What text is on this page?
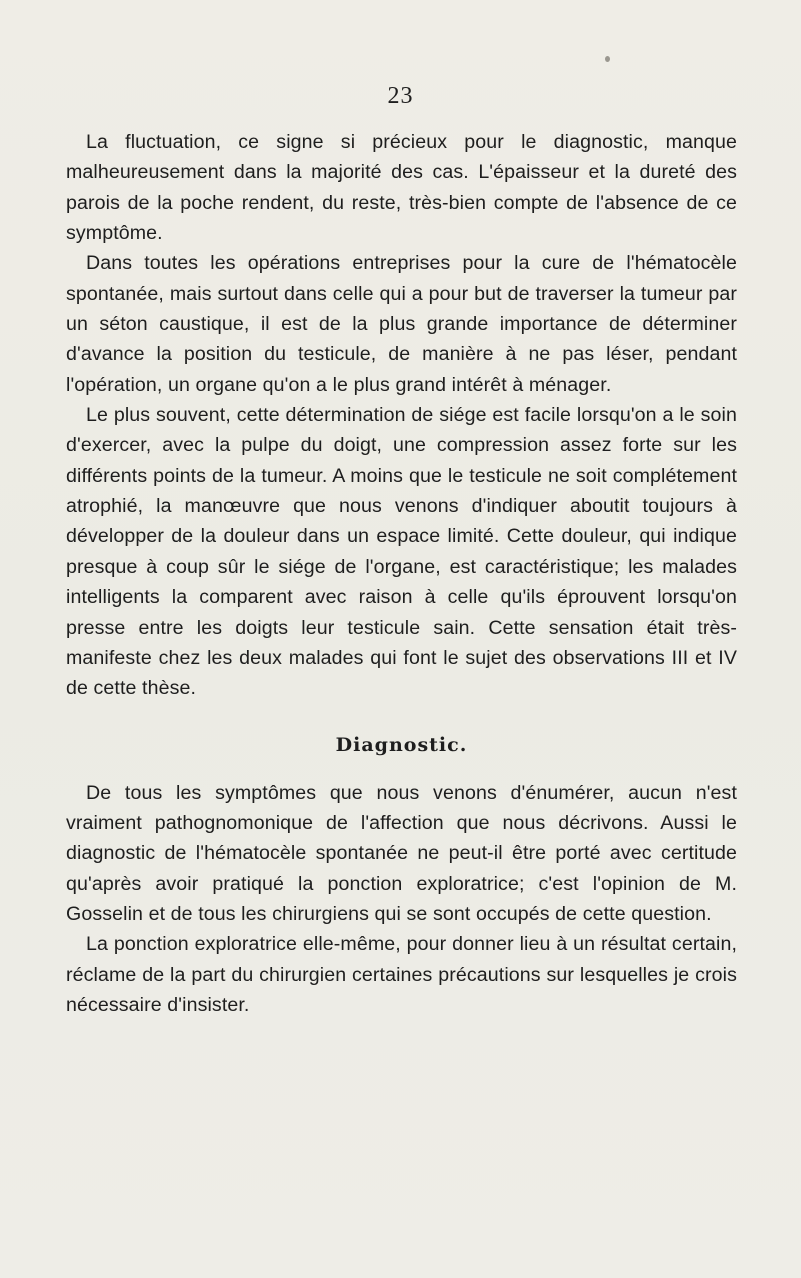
23

La fluctuation, ce signe si précieux pour le diagnostic, manque malheureusement dans la majorité des cas. L'épaisseur et la dureté des parois de la poche rendent, du reste, très-bien compte de l'absence de ce symptôme.

Dans toutes les opérations entreprises pour la cure de l'hématocèle spontanée, mais surtout dans celle qui a pour but de traverser la tumeur par un séton caustique, il est de la plus grande importance de déterminer d'avance la position du testicule, de manière à ne pas léser, pendant l'opération, un organe qu'on a le plus grand intérêt à ménager.

Le plus souvent, cette détermination de siége est facile lorsqu'on a le soin d'exercer, avec la pulpe du doigt, une compression assez forte sur les différents points de la tumeur. A moins que le testicule ne soit complétement atrophié, la manœuvre que nous venons d'indiquer aboutit toujours à développer de la douleur dans un espace limité. Cette douleur, qui indique presque à coup sûr le siége de l'organe, est caractéristique; les malades intelligents la comparent avec raison à celle qu'ils éprouvent lorsqu'on presse entre les doigts leur testicule sain. Cette sensation était très-manifeste chez les deux malades qui font le sujet des observations III et IV de cette thèse.

Diagnostic.

De tous les symptômes que nous venons d'énumérer, aucun n'est vraiment pathognomonique de l'affection que nous décrivons. Aussi le diagnostic de l'hématocèle spontanée ne peut-il être porté avec certitude qu'après avoir pratiqué la ponction exploratrice; c'est l'opinion de M. Gosselin et de tous les chirurgiens qui se sont occupés de cette question.

La ponction exploratrice elle-même, pour donner lieu à un résultat certain, réclame de la part du chirurgien certaines précautions sur lesquelles je crois nécessaire d'insister.
